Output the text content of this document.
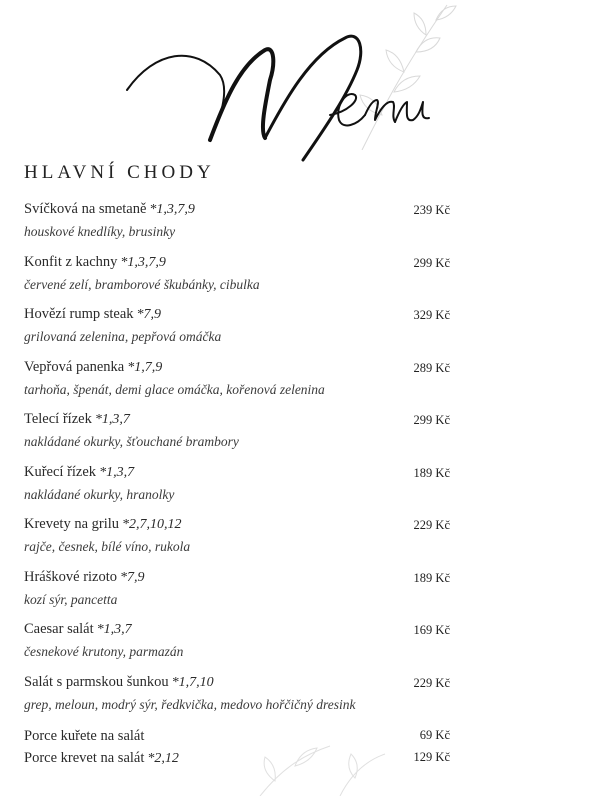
HLAVNÍ CHODY
Svíčková na smetaně *1,3,7,9
houskové knedlíky, brusinky
239 Kč
Konfit z kachny *1,3,7,9
červené zelí, bramborové škubánky, cibulka
299 Kč
Hovězí rump steak *7,9
grilovaná zelenina, pepřová omáčka
329 Kč
Vepřová panenka *1,7,9
tarhoňa, špenát, demi glace omáčka, kořenová zelenina
289 Kč
Telecí řízek *1,3,7
nakládané okurky, šťouchané brambory
299 Kč
Kuřecí řízek *1,3,7
nakládané okurky, hranolky
189 Kč
Krevety na grilu *2,7,10,12
rajče, česnek, bílé víno, rukola
229 Kč
Hráškové rizoto *7,9
kozí sýr, pancetta
189 Kč
Caesar salát *1,3,7
česnekové krutony, parmazán
169 Kč
Salát s parmskou šunkou *1,7,10
grep, meloun, modrý sýr, ředkvička, medovo hořčičný dresink
229 Kč
Porce kuřete na salát	69 Kč
Porce krevet na salát *2,12	129 Kč
